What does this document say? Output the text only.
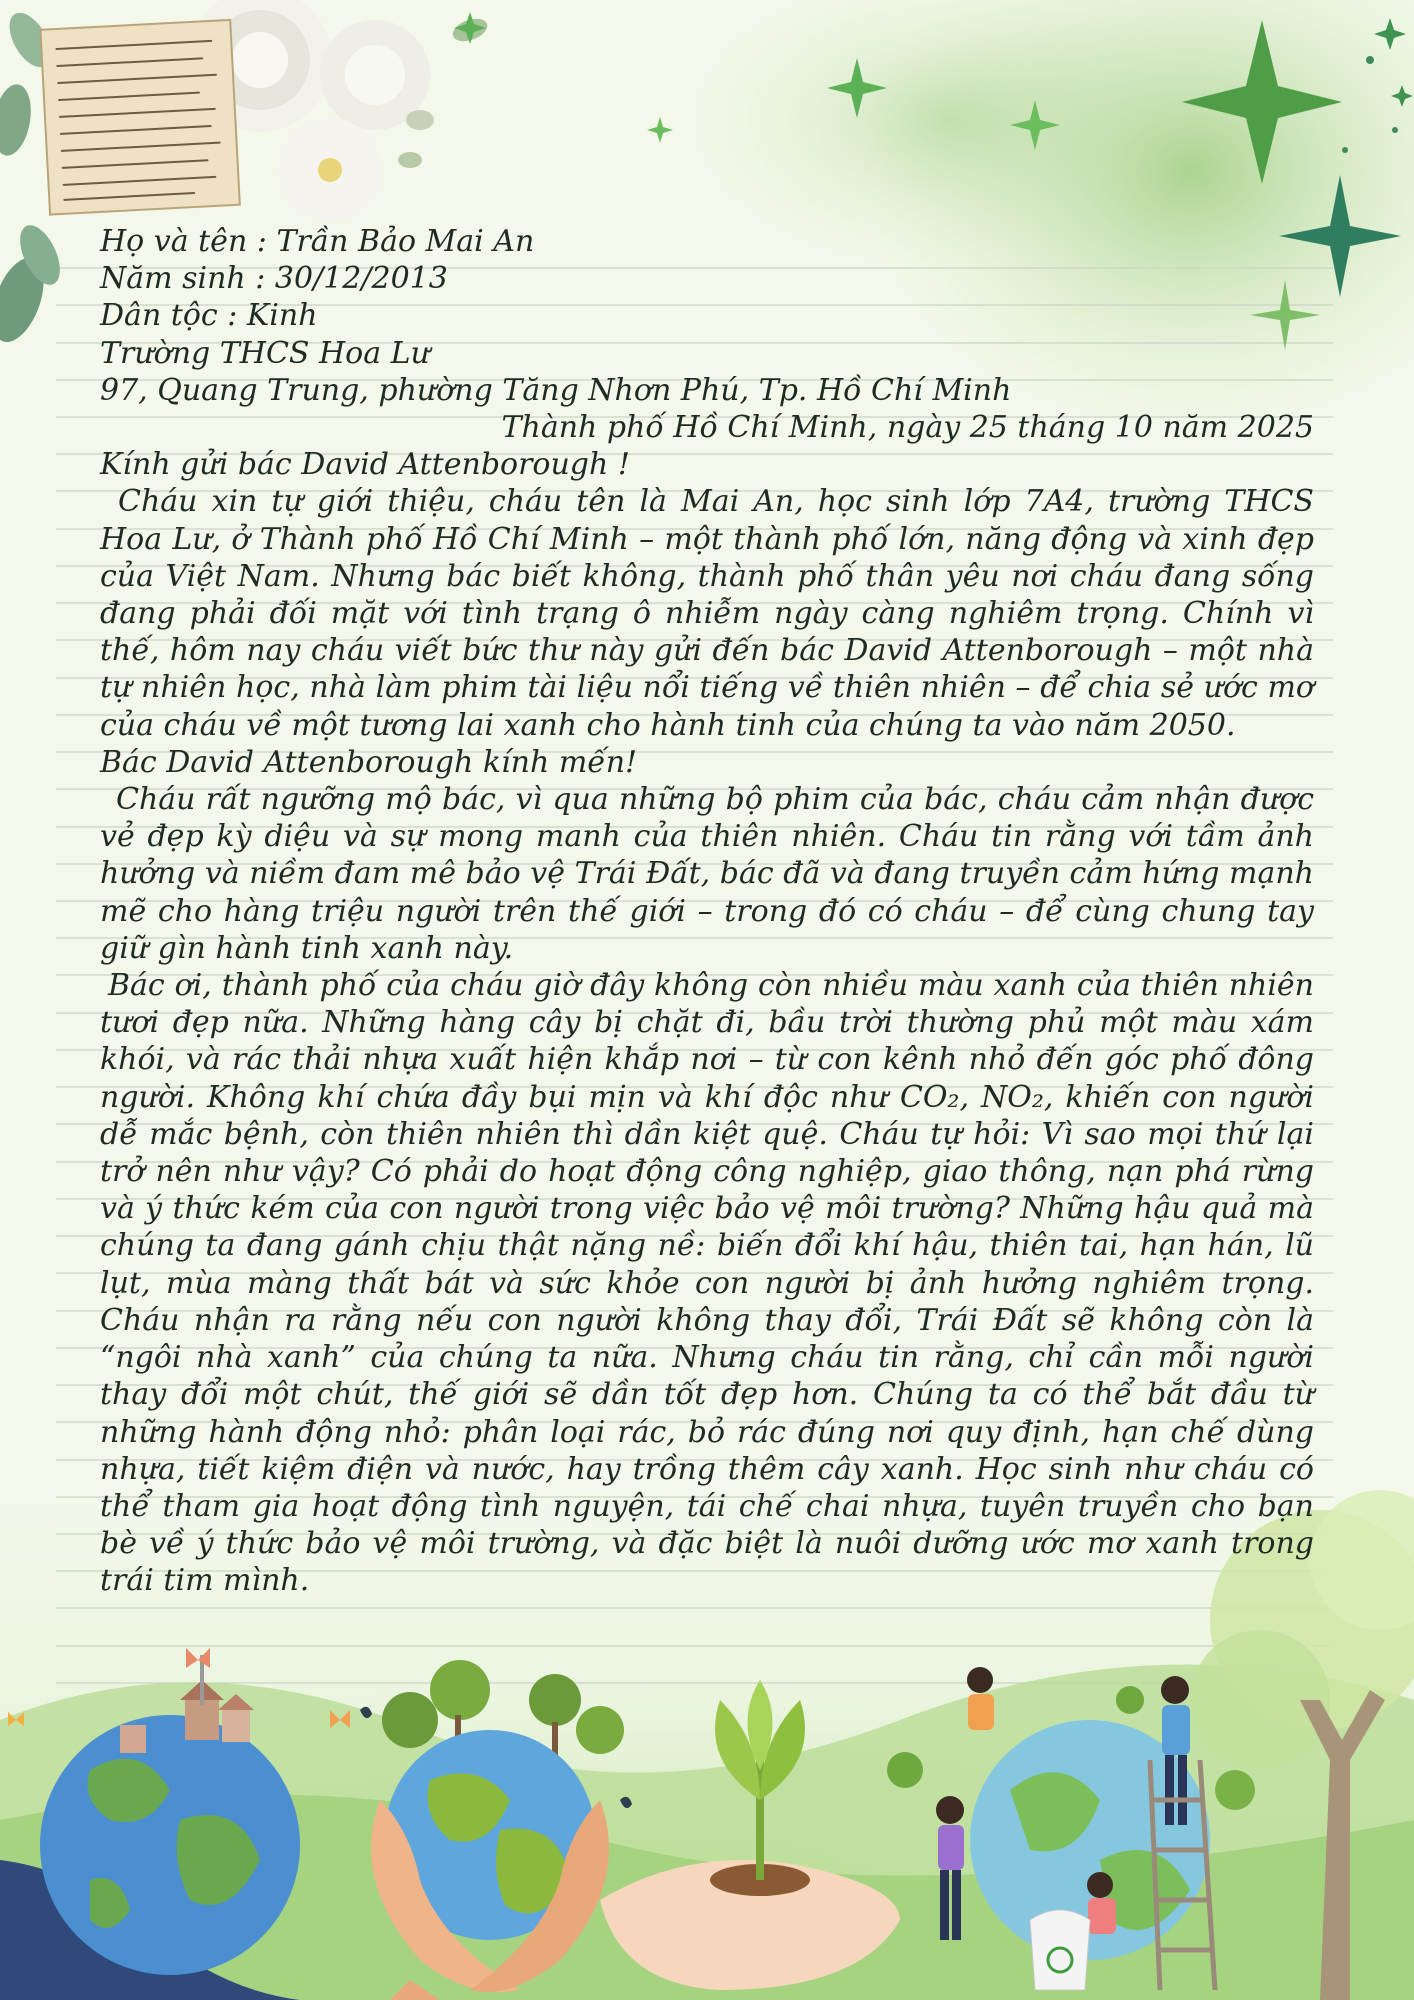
Họ và tên : Trần Bảo Mai An
Năm sinh : 30/12/2013
Dân tộc : Kinh
Trường THCS Hoa Lư
97, Quang Trung, phường Tăng Nhơn Phú, Tp. Hồ Chí Minh
Thành phố Hồ Chí Minh, ngày 25 tháng 10 năm 2025
Kính gửi bác David Attenborough !
Cháu xin tự giới thiệu, cháu tên là Mai An, học sinh lớp 7A4, trường THCS Hoa Lư, ở Thành phố Hồ Chí Minh – một thành phố lớn, năng động và xinh đẹp của Việt Nam. Nhưng bác biết không, thành phố thân yêu nơi cháu đang sống đang phải đối mặt với tình trạng ô nhiễm ngày càng nghiêm trọng. Chính vì thế, hôm nay cháu viết bức thư này gửi đến bác David Attenborough – một nhà tự nhiên học, nhà làm phim tài liệu nổi tiếng về thiên nhiên – để chia sẻ ước mơ của cháu về một tương lai xanh cho hành tinh của chúng ta vào năm 2050.
Bác David Attenborough kính mến!
Cháu rất ngưỡng mộ bác, vì qua những bộ phim của bác, cháu cảm nhận được vẻ đẹp kỳ diệu và sự mong manh của thiên nhiên. Cháu tin rằng với tầm ảnh hưởng và niềm đam mê bảo vệ Trái Đất, bác đã và đang truyền cảm hứng mạnh mẽ cho hàng triệu người trên thế giới – trong đó có cháu – để cùng chung tay giữ gìn hành tinh xanh này.
Bác ơi, thành phố của cháu giờ đây không còn nhiều màu xanh của thiên nhiên tươi đẹp nữa. Những hàng cây bị chặt đi, bầu trời thường phủ một màu xám khói, và rác thải nhựa xuất hiện khắp nơi – từ con kênh nhỏ đến góc phố đông người. Không khí chứa đầy bụi mịn và khí độc như CO₂, NO₂, khiến con người dễ mắc bệnh, còn thiên nhiên thì dần kiệt quệ. Cháu tự hỏi: Vì sao mọi thứ lại trở nên như vậy? Có phải do hoạt động công nghiệp, giao thông, nạn phá rừng và ý thức kém của con người trong việc bảo vệ môi trường? Những hậu quả mà chúng ta đang gánh chịu thật nặng nề: biến đổi khí hậu, thiên tai, hạn hán, lũ lụt, mùa màng thất bát và sức khỏe con người bị ảnh hưởng nghiêm trọng. Cháu nhận ra rằng nếu con người không thay đổi, Trái Đất sẽ không còn là “ngôi nhà xanh” của chúng ta nữa. Nhưng cháu tin rằng, chỉ cần mỗi người thay đổi một chút, thế giới sẽ dần tốt đẹp hơn. Chúng ta có thể bắt đầu từ những hành động nhỏ: phân loại rác, bỏ rác đúng nơi quy định, hạn chế dùng nhựa, tiết kiệm điện và nước, hay trồng thêm cây xanh. Học sinh như cháu có thể tham gia hoạt động tình nguyện, tái chế chai nhựa, tuyên truyền cho bạn bè về ý thức bảo vệ môi trường, và đặc biệt là nuôi dưỡng ước mơ xanh trong trái tim mình.
